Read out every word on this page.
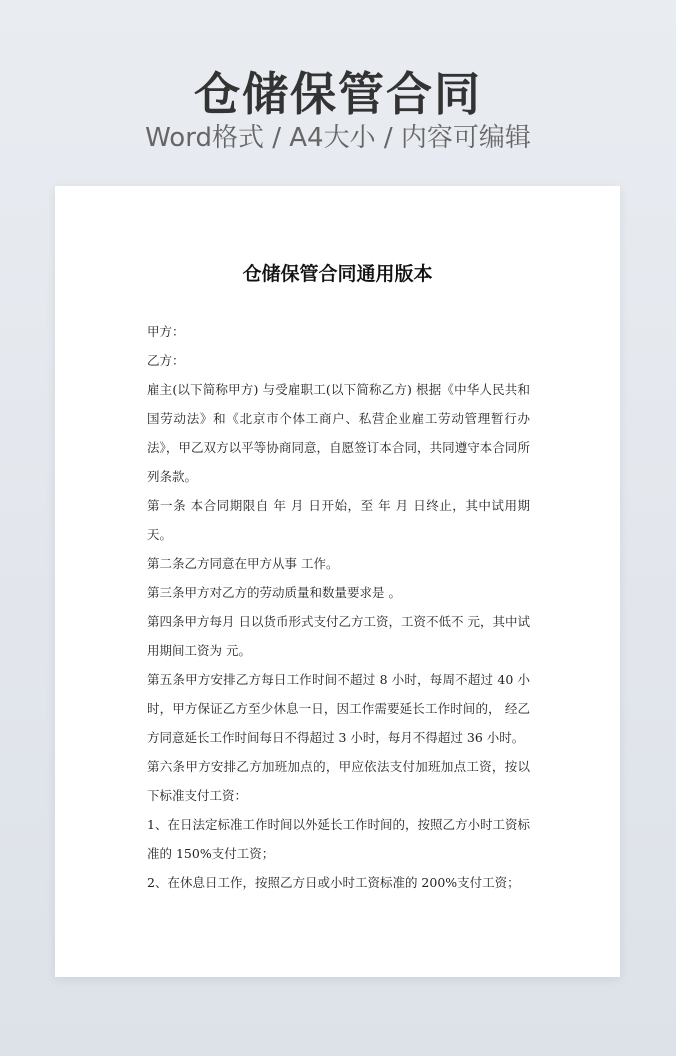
仓储保管合同
Word格式 / A4大小 / 内容可编辑
仓储保管合同通用版本

甲方：

乙方：

雇主(以下简称甲方) 与受雇职工(以下简称乙方) 根据《中华人民共和国劳动法》和《北京市个体工商户、私营企业雇工劳动管理暂行办法》，甲乙双方以平等协商同意，自愿签订本合同，共同遵守本合同所列条款。

第一条 本合同期限自 年 月 日开始，至 年 月 日终止，其中试用期 天。

第二条乙方同意在甲方从事 工作。

第三条甲方对乙方的劳动质量和数量要求是 。

第四条甲方每月 日以货币形式支付乙方工资，工资不低不 元，其中试用期间工资为 元。

第五条甲方安排乙方每日工作时间不超过 8 小时，每周不超过 40 小时，甲方保证乙方至少休息一日，因工作需要延长工作时间的， 经乙方同意延长工作时间每日不得超过 3 小时，每月不得超过 36 小时。

第六条甲方安排乙方加班加点的，甲应依法支付加班加点工资，按以下标准支付工资：

1、在日法定标准工作时间以外延长工作时间的，按照乙方小时工资标准的 150%支付工资；

2、在休息日工作，按照乙方日或小时工资标准的 200%支付工资；
